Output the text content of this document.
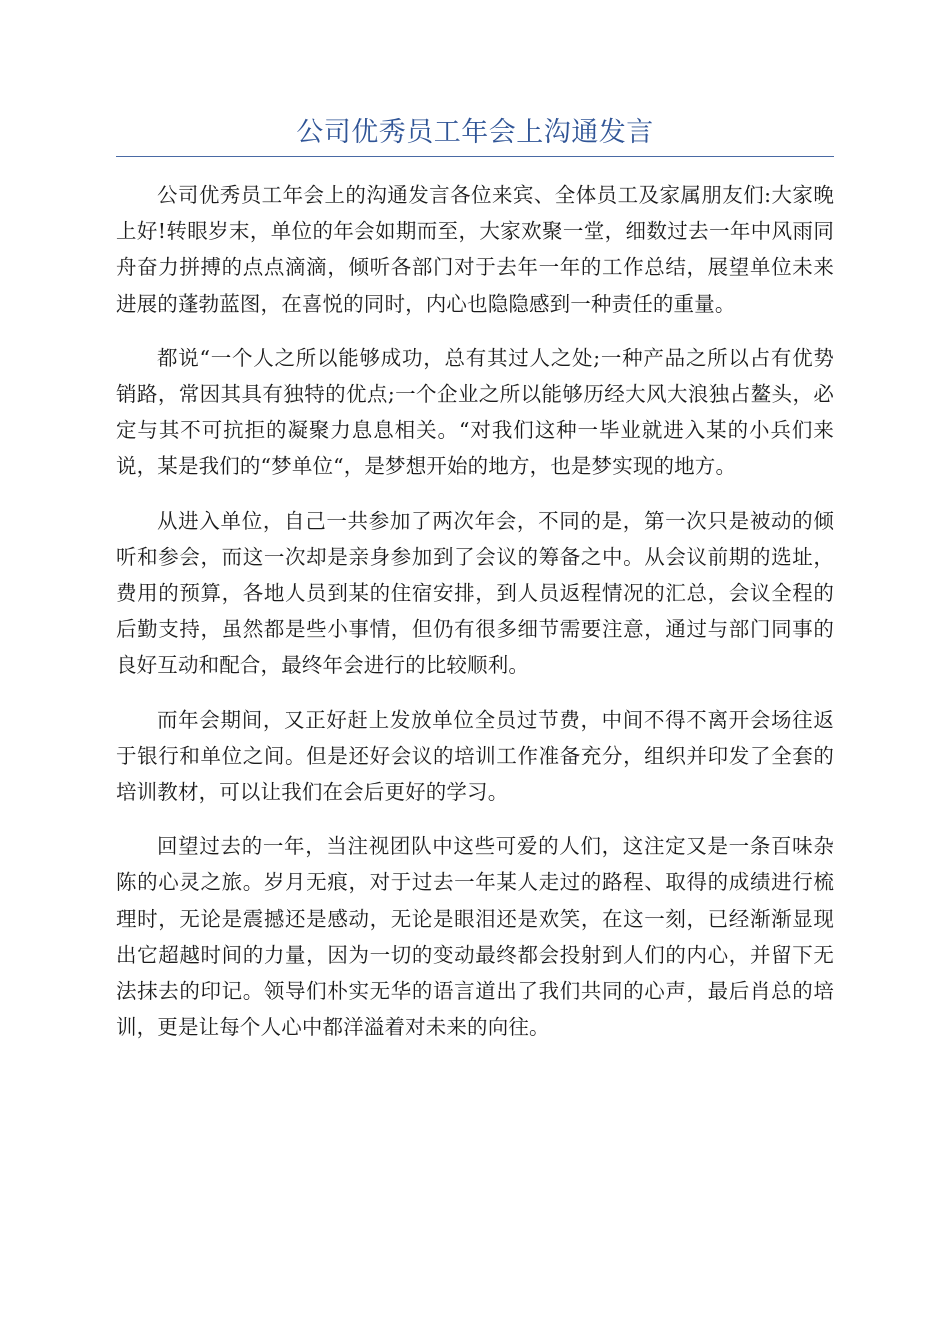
公司优秀员工年会上沟通发言

公司优秀员工年会上的沟通发言各位来宾、全体员工及家属朋友们:大家晚上好!转眼岁末，单位的年会如期而至，大家欢聚一堂，细数过去一年中风雨同舟奋力拼搏的点点滴滴，倾听各部门对于去年一年的工作总结，展望单位未来进展的蓬勃蓝图，在喜悦的同时，内心也隐隐感到一种责任的重量。

都说“一个人之所以能够成功，总有其过人之处;一种产品之所以占有优势销路，常因其具有独特的优点;一个企业之所以能够历经大风大浪独占鳌头，必定与其不可抗拒的凝聚力息息相关。“对我们这种一毕业就进入某的小兵们来说，某是我们的“梦单位“，是梦想开始的地方，也是梦实现的地方。

从进入单位，自己一共参加了两次年会，不同的是，第一次只是被动的倾听和参会，而这一次却是亲身参加到了会议的筹备之中。从会议前期的选址，费用的预算，各地人员到某的住宿安排，到人员返程情况的汇总，会议全程的后勤支持，虽然都是些小事情，但仍有很多细节需要注意，通过与部门同事的良好互动和配合，最终年会进行的比较顺利。

而年会期间，又正好赶上发放单位全员过节费，中间不得不离开会场往返于银行和单位之间。但是还好会议的培训工作准备充分，组织并印发了全套的培训教材，可以让我们在会后更好的学习。

回望过去的一年，当注视团队中这些可爱的人们，这注定又是一条百味杂陈的心灵之旅。岁月无痕，对于过去一年某人走过的路程、取得的成绩进行梳理时，无论是震撼还是感动，无论是眼泪还是欢笑，在这一刻，已经渐渐显现出它超越时间的力量，因为一切的变动最终都会投射到人们的内心，并留下无法抹去的印记。领导们朴实无华的语言道出了我们共同的心声，最后肖总的培训，更是让每个人心中都洋溢着对未来的向往。
